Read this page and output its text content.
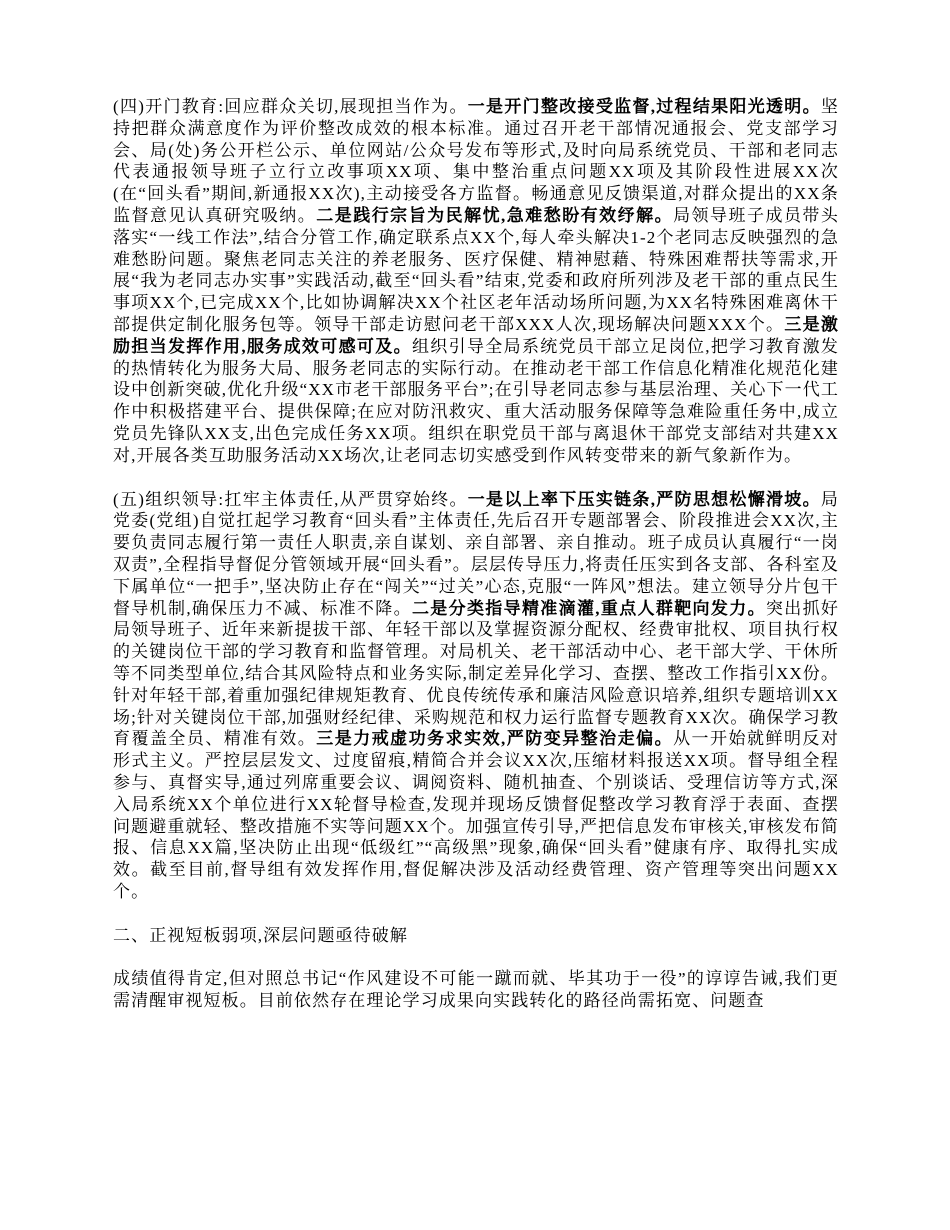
(四)开门教育:回应群众关切,展现担当作为。一是开门整改接受监督,过程结果阳光透明。坚持把群众满意度作为评价整改成效的根本标准。通过召开老干部情况通报会、党支部学习会、局(处)务公开栏公示、单位网站/公众号发布等形式,及时向局系统党员、干部和老同志代表通报领导班子立行立改事项XX项、集中整治重点问题XX项及其阶段性进展XX次(在“回头看”期间,新通报XX次),主动接受各方监督。畅通意见反馈渠道,对群众提出的XX条监督意见认真研究吸纳。二是践行宗旨为民解忧,急难愁盼有效纾解。局领导班子成员带头落实“一线工作法”,结合分管工作,确定联系点XX个,每人牵头解决1-2个老同志反映强烈的急难愁盼问题。聚焦老同志关注的养老服务、医疗保健、精神慰藉、特殊困难帮扶等需求,开展“我为老同志办实事”实践活动,截至“回头看”结束,党委和政府所列涉及老干部的重点民生事项XX个,已完成XX个,比如协调解决XX个社区老年活动场所问题,为XX名特殊困难离休干部提供定制化服务包等。领导干部走访慰问老干部XXX人次,现场解决问题XXX个。三是激励担当发挥作用,服务成效可感可及。组织引导全局系统党员干部立足岗位,把学习教育激发的热情转化为服务大局、服务老同志的实际行动。在推动老干部工作信息化精准化规范化建设中创新突破,优化升级“XX市老干部服务平台”;在引导老同志参与基层治理、关心下一代工作中积极搭建平台、提供保障;在应对防汛救灾、重大活动服务保障等急难险重任务中,成立党员先锋队XX支,出色完成任务XX项。组织在职党员干部与离退休干部党支部结对共建XX对,开展各类互助服务活动XX场次,让老同志切实感受到作风转变带来的新气象新作为。

(五)组织领导:扛牢主体责任,从严贯穿始终。一是以上率下压实链条,严防思想松懈滑坡。局党委(党组)自觉扛起学习教育“回头看”主体责任,先后召开专题部署会、阶段推进会XX次,主要负责同志履行第一责任人职责,亲自谋划、亲自部署、亲自推动。班子成员认真履行“一岗双责”,全程指导督促分管领域开展“回头看”。层层传导压力,将责任压实到各支部、各科室及下属单位“一把手”,坚决防止存在“闯关”“过关”心态,克服“一阵风”想法。建立领导分片包干督导机制,确保压力不减、标准不降。二是分类指导精准滴灌,重点人群靶向发力。突出抓好局领导班子、近年来新提拔干部、年轻干部以及掌握资源分配权、经费审批权、项目执行权的关键岗位干部的学习教育和监督管理。对局机关、老干部活动中心、老干部大学、干休所等不同类型单位,结合其风险特点和业务实际,制定差异化学习、查摆、整改工作指引XX份。针对年轻干部,着重加强纪律规矩教育、优良传统传承和廉洁风险意识培养,组织专题培训XX场;针对关键岗位干部,加强财经纪律、采购规范和权力运行监督专题教育XX次。确保学习教育覆盖全员、精准有效。三是力戒虚功务求实效,严防变异整治走偏。从一开始就鲜明反对形式主义。严控层层发文、过度留痕,精简合并会议XX次,压缩材料报送XX项。督导组全程参与、真督实导,通过列席重要会议、调阅资料、随机抽查、个别谈话、受理信访等方式,深入局系统XX个单位进行XX轮督导检查,发现并现场反馈督促整改学习教育浮于表面、查摆问题避重就轻、整改措施不实等问题XX个。加强宣传引导,严把信息发布审核关,审核发布简报、信息XX篇,坚决防止出现“低级红”“高级黑”现象,确保“回头看”健康有序、取得扎实成效。截至目前,督导组有效发挥作用,督促解决涉及活动经费管理、资产管理等突出问题XX个。

二、正视短板弱项,深层问题亟待破解

成绩值得肯定,但对照总书记“作风建设不可能一蹴而就、毕其功于一役”的谆谆告诫,我们更需清醒审视短板。目前依然存在理论学习成果向实践转化的路径尚需拓宽、问题查
